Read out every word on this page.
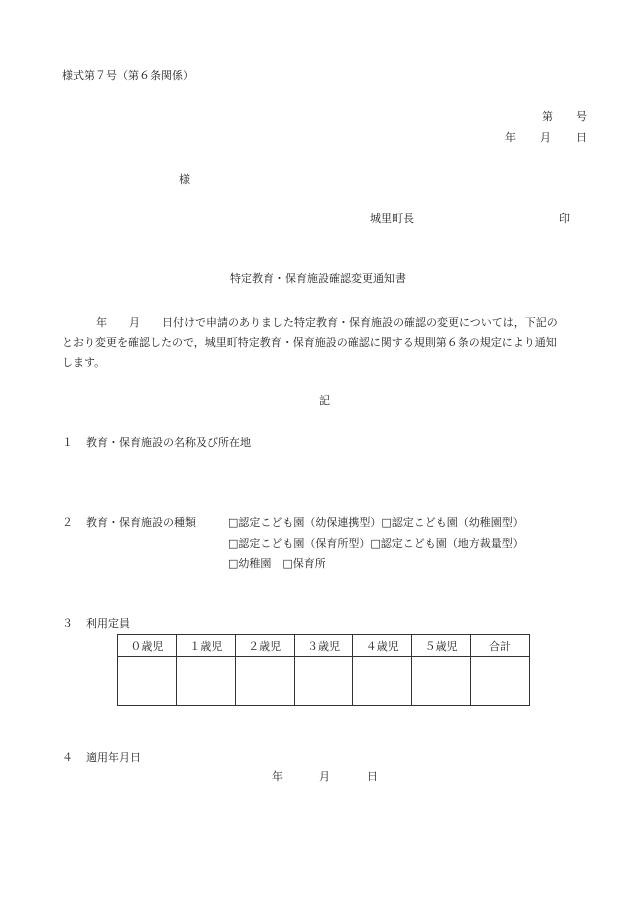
様式第７号（第６条関係）
第 号
年 月 日
様
城里町長	印
特定教育・保育施設確認変更通知書

年　　月　　日付けで申請のありました特定教育・保育施設の確認の変更については，下記の

とおり変更を確認したので，城里町特定教育・保育施設の確認に関する規則第６条の規定により通知

します。

記
１ 教育・保育施設の名称及び所在地
２ 教育・保育施設の種類	□認定こども園（幼保連携型）□認定こども園（幼稚園型）
□認定こども園（保育所型）□認定こども園（地方裁量型）
□幼稚園　□保育所
３ 利用定員
０歳児	１歳児	２歳児	３歳児	４歳児	５歳児	合計

４ 適用年月日
年	月	日
